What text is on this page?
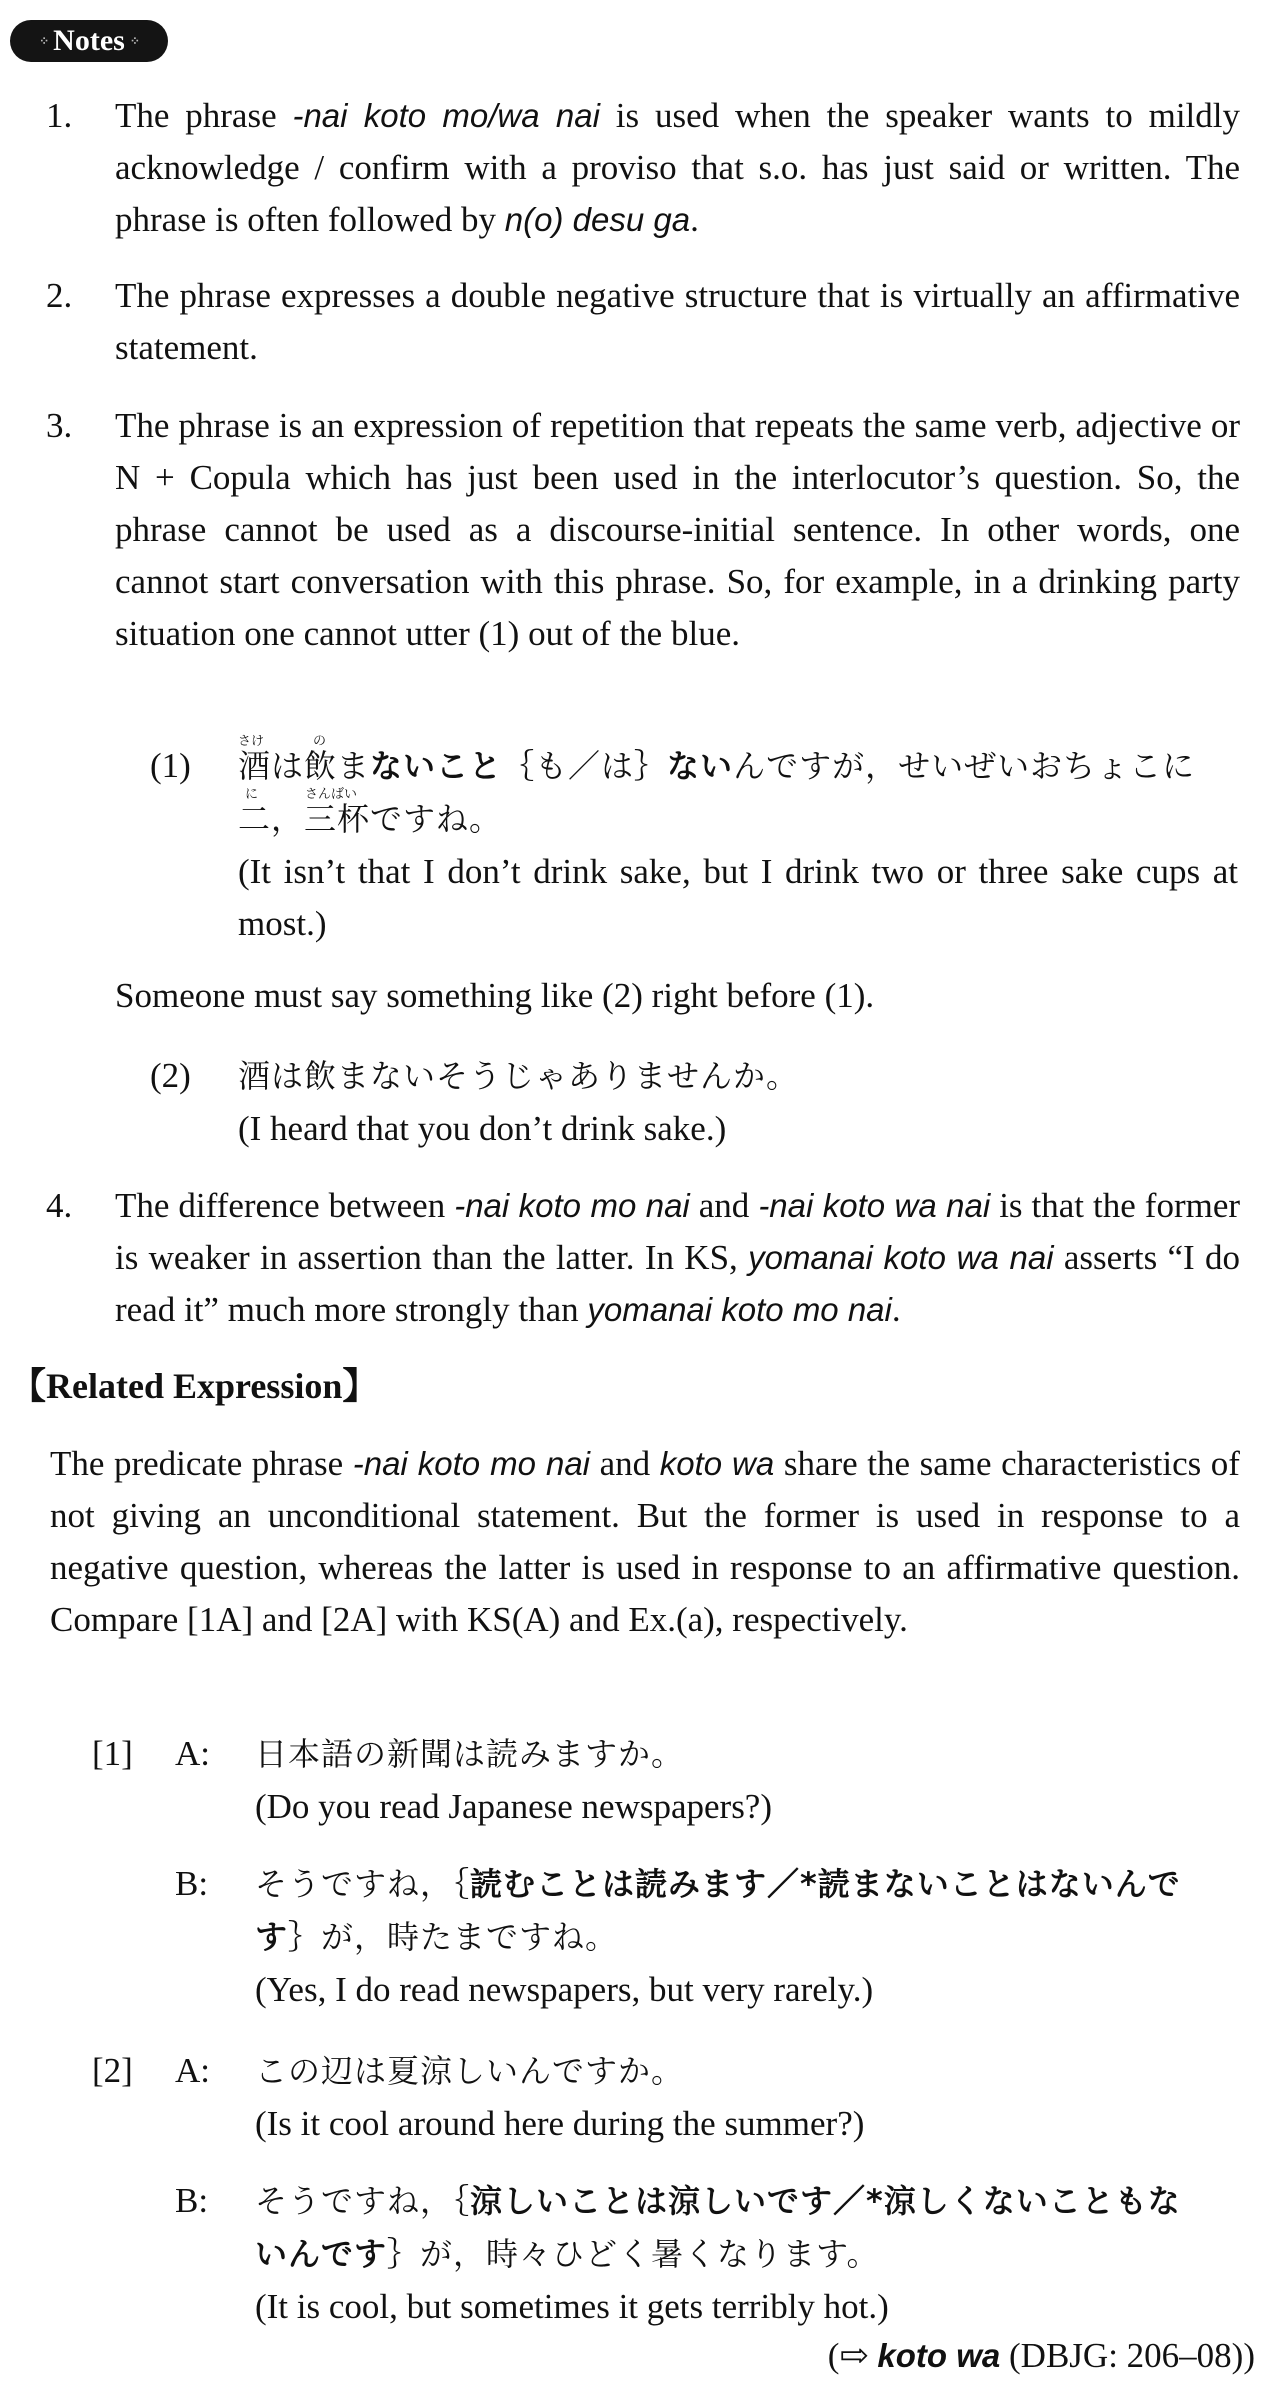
⁘ Notes ⁘
1. The phrase -nai koto mo/wa nai is used when the speaker wants to mildly acknowledge / confirm with a proviso that s.o. has just said or written. The phrase is often followed by n(o) desu ga.

2. The phrase expresses a double negative structure that is virtually an affirmative statement.

3. The phrase is an expression of repetition that repeats the same verb, adjective or N + Copula which has just been used in the interlocutor’s question. So, the phrase cannot be used as a discourse-initial sentence. In other words, one cannot start conversation with this phrase. So, for example, in a drinking party situation one cannot utter (1) out of the blue.

(1)
さけ	の
に	さんばい
酒は飲まないこと｛も／は｝ないんですが，せいぜいおちょこに
二，三杯ですね。

(It isn’t that I don’t drink sake, but I drink two or three sake cups at most.)

Someone must say something like (2) right before (1).

(2) 酒は飲まないそうじゃありませんか。
(I heard that you don’t drink sake.)
4. The difference between -nai koto mo nai and -nai koto wa nai is that the former is weaker in assertion than the latter. In KS, yomanai koto wa nai asserts “I do read it” much more strongly than yomanai koto mo nai.

【Related Expression】

The predicate phrase -nai koto mo nai and koto wa share the same characteristics of not giving an unconditional statement. But the former is used in response to a negative question, whereas the latter is used in response to an affirmative question. Compare [1A] and [2A] with KS(A) and Ex.(a), respectively.

[1] A: 日本語の新聞は読みますか。
(Do you read Japanese newspapers?)
B: そうですね，｛読むことは読みます／*読まないことはないんで
す｝が，時たまですね。
(Yes, I do read newspapers, but very rarely.)
[2] A: この辺は夏涼しいんですか。
(Is it cool around here during the summer?)
B: そうですね，｛涼しいことは涼しいです／*涼しくないこともな
いんです｝が，時々ひどく暑くなります。
(It is cool, but sometimes it gets terribly hot.)
(⇨ koto wa (DBJG: 206–08))
